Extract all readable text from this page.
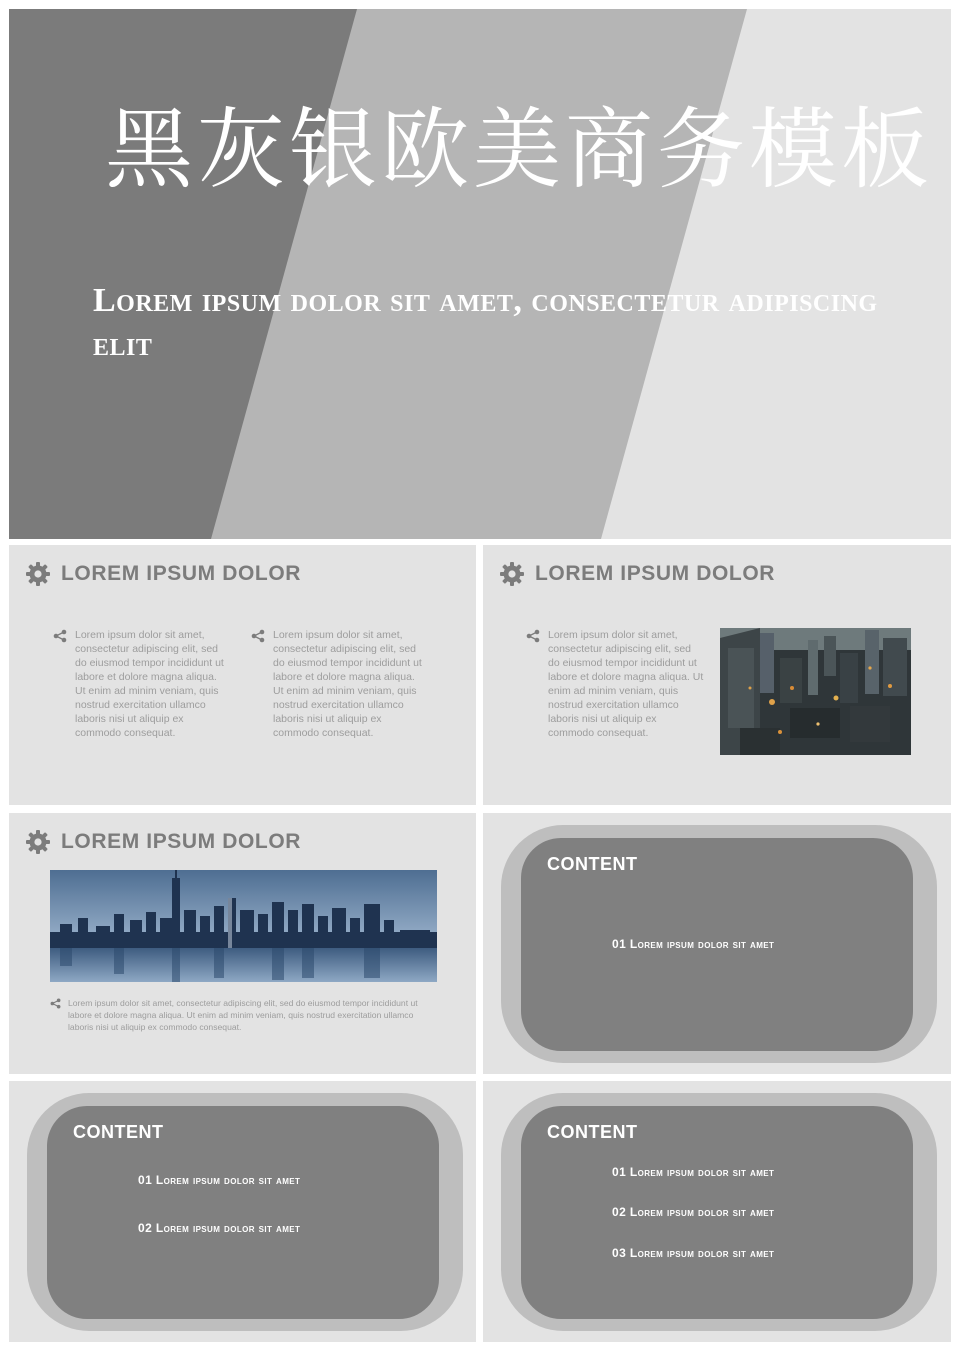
黑灰银欧美商务模板
Lorem ipsum dolor sit amet, consectetur adipiscing elit
LOREM IPSUM DOLOR
Lorem ipsum dolor sit amet, consectetur adipiscing elit, sed do eiusmod tempor incididunt ut labore et dolore magna aliqua. Ut enim ad minim veniam, quis nostrud exercitation ullamco laboris nisi ut aliquip ex commodo consequat.
Lorem ipsum dolor sit amet, consectetur adipiscing elit, sed do eiusmod tempor incididunt ut labore et dolore magna aliqua. Ut enim ad minim veniam, quis nostrud exercitation ullamco laboris nisi ut aliquip ex commodo consequat.
LOREM IPSUM DOLOR
Lorem ipsum dolor sit amet, consectetur adipiscing elit, sed do eiusmod tempor incididunt ut labore et dolore magna aliqua. Ut enim ad minim veniam, quis nostrud exercitation ullamco laboris nisi ut aliquip ex commodo consequat.
LOREM IPSUM DOLOR
Lorem ipsum dolor sit amet, consectetur adipiscing elit, sed do eiusmod tempor incididunt ut labore et dolore magna aliqua. Ut enim ad minim veniam, quis nostrud exercitation ullamco laboris nisi ut aliquip ex commodo consequat.
CONTENT
01 Lorem ipsum dolor sit amet
CONTENT
01 Lorem ipsum dolor sit amet
02 Lorem ipsum dolor sit amet
CONTENT
01 Lorem ipsum dolor sit amet
02 Lorem ipsum dolor sit amet
03 Lorem ipsum dolor sit amet
